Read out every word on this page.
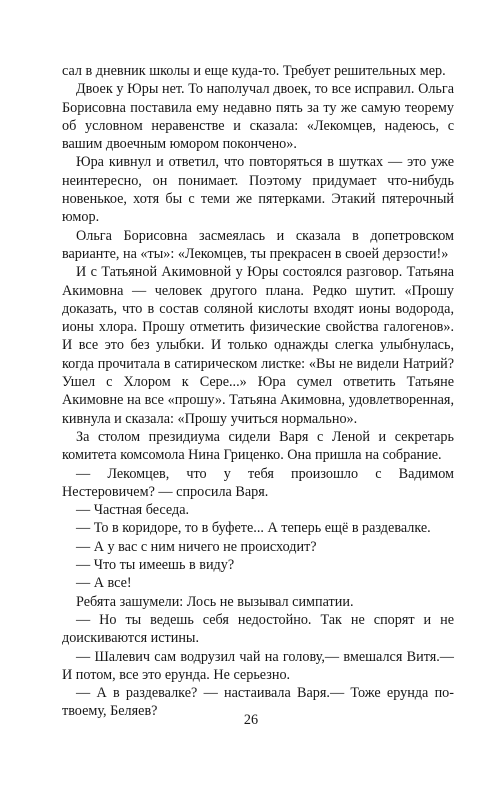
сал в дневник школы и еще куда-то. Требует решительных мер.

Двоек у Юры нет. То наполучал двоек, то все исправил. Ольга Борисовна поставила ему недавно пять за ту же самую теорему об условном неравенстве и сказала: «Лекомцев, надеюсь, с вашим двоечным юмором покончено».

Юра кивнул и ответил, что повторяться в шутках — это уже неинтересно, он понимает. Поэтому придумает что-нибудь новенькое, хотя бы с теми же пятерками. Этакий пятерочный юмор.

Ольга Борисовна засмеялась и сказала в допетровском варианте, на «ты»: «Лекомцев, ты прекрасен в своей дерзости!»

И с Татьяной Акимовной у Юры состоялся разговор. Татьяна Акимовна — человек другого плана. Редко шутит. «Прошу доказать, что в состав соляной кислоты входят ионы водорода, ионы хлора. Прошу отметить физические свойства галогенов». И все это без улыбки. И только однажды слегка улыбнулась, когда прочитала в сатирическом листке: «Вы не видели Натрий? Ушел с Хлором к Сере...» Юра сумел ответить Татьяне Акимовне на все «прошу». Татьяна Акимовна, удовлетворенная, кивнула и сказала: «Прошу учиться нормально».

За столом президиума сидели Варя с Леной и секретарь комитета комсомола Нина Гриценко. Она пришла на собрание.

— Лекомцев, что у тебя произошло с Вадимом Нестеровичем? — спросила Варя.

— Частная беседа.

— То в коридоре, то в буфете... А теперь ещё в раздевалке.

— А у вас с ним ничего не происходит?

— Что ты имеешь в виду?

— А все!

Ребята зашумели: Лось не вызывал симпатии.

— Но ты ведешь себя недостойно. Так не спорят и не доискиваются истины.

— Шалевич сам водрузил чай на голову,— вмешался Витя.— И потом, все это ерунда. Не серьезно.

— А в раздевалке? — настаивала Варя.— Тоже ерунда по-твоему, Беляев?

26
